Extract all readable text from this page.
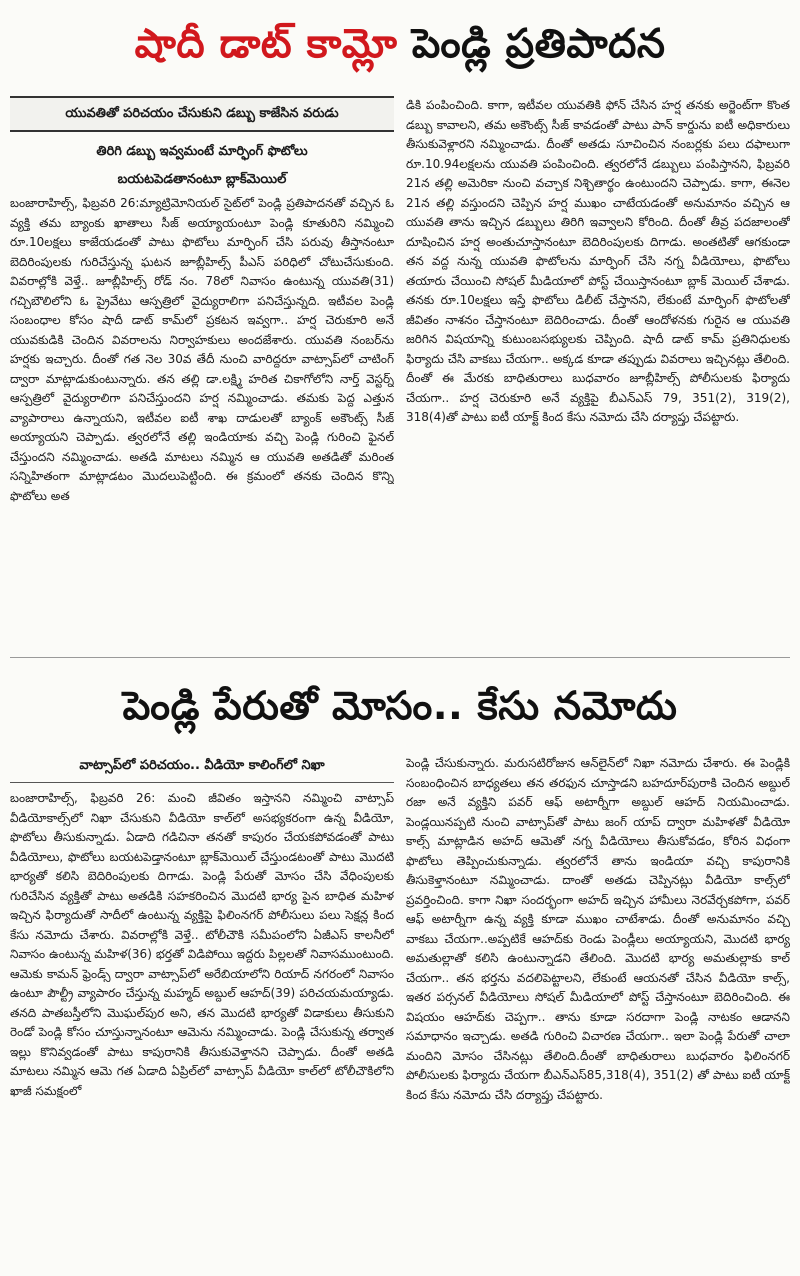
షాదీ డాట్ కామ్లో పెండ్లి ప్రతిపాదన
యువతితో పరిచయం చేసుకుని డబ్బు కాజేసిన వరుడు
తిరిగి డబ్బు ఇవ్వమంటే మార్ఫింగ్ ఫొటోలు
బయటపెడతానంటూ బ్లాక్‌మెయిల్

బంజారాహిల్స్, ఫిబ్రవరి 26:మ్యాట్రిమోనియల్ సైట్‌లో పెండ్లి ప్రతిపాదనతో వచ్చిన ఓ వ్యక్తి తమ బ్యాంకు ఖాతాలు సీజ్ అయ్యాయంటూ పెండ్లి కూతురిని నమ్మించి రూ.10లక్షలు కాజేయడంతో పాటు ఫొటోలు మార్ఫింగ్ చేసి పరువు తీస్తానంటూ బెదిరింపులకు గురిచేస్తున్న ఘటన జూబ్లీహిల్స్ పీఎస్ పరిధిలో చోటుచేసుకుంది. వివరాల్లోకి వెళ్తే.. జూబ్లీహిల్స్ రోడ్ నం. 78లో నివాసం ఉంటున్న యువతి(31) గచ్చిబౌలిలోని ఓ ప్రైవేటు ఆస్పత్రిలో వైద్యురాలిగా పనిచేస్తున్నది. ఇటీవల పెండ్లి సంబంధాల కోసం షాదీ డాట్ కామ్‌లో ప్రకటన ఇవ్వగా.. హర్ష చెరుకూరి అనే యువకుడికి చెందిన వివరాలను నిర్వాహకులు అందజేశారు. యువతి నంబర్‌ను హర్షకు ఇచ్చారు. దీంతో గత నెల 30వ తేదీ నుంచి వారిద్దరూ వాట్సాప్‌లో చాటింగ్ ద్వారా మాట్లాడుకుంటున్నారు. తన తల్లి డా.లక్ష్మి హరిత చికాగోలోని నార్త్ వెస్టర్న్ ఆస్పత్రిలో వైద్యురాలిగా పనిచేస్తుందని హర్ష నమ్మించాడు. తమకు పెద్ద ఎత్తున వ్యాపారాలు ఉన్నాయని, ఇటీవల ఐటీ శాఖ దాడులతో బ్యాంక్ అకౌంట్స్ సీజ్ అయ్యాయని చెప్పాడు. త్వరలోనే తల్లి ఇండియాకు వచ్చి పెండ్లి గురించి ఫైనల్ చేస్తుందని నమ్మించాడు. అతడి మాటలు నమ్మిన ఆ యువతి అతడితో మరింత సన్నిహితంగా మాట్లాడటం మొదలుపెట్టింది. ఈ క్రమంలో తనకు చెందిన కొన్ని ఫొటోలు అత

డికి పంపించింది. కాగా, ఇటీవల యువతికి ఫోన్ చేసిన హర్ష తనకు అర్జెంట్‌గా కొంత డబ్బు కావాలని, తమ అకౌంట్స్ సీజ్ కావడంతో పాటు పాన్ కార్డును ఐటీ అధికారులు తీసుకువెళ్లారని నమ్మించాడు. దీంతో అతడు సూచించిన నంబర్లకు పలు దఫాలుగా రూ.10.94లక్షలను యువతి పంపించింది. త్వరలోనే డబ్బులు పంపిస్తానని, ఫిబ్రవరి 21న తల్లి అమెరికా నుంచి వచ్చాక నిశ్చితార్థం ఉంటుందని చెప్పాడు. కాగా, ఈనెల 21న తల్లి వస్తుందని చెప్పిన హర్ష ముఖం చాటేయడంతో అనుమానం వచ్చిన ఆ యువతి తాను ఇచ్చిన డబ్బులు తిరిగి ఇవ్వాలని కోరింది. దీంతో తీవ్ర పదజాలంతో దూషించిన హర్ష అంతుచూస్తానంటూ బెదిరింపులకు దిగాడు. అంతటితో ఆగకుండా తన వద్ద నున్న యువతి ఫొటోలను మార్ఫింగ్ చేసి నగ్న వీడియోలు, ఫొటోలు తయారు చేయించి సోషల్ మీడియాలో పోస్ట్ చేయిస్తానంటూ బ్లాక్ మెయిల్ చేశాడు. తనకు రూ.10లక్షలు ఇస్తే ఫొటోలు డిలీట్ చేస్తానని, లేకుంటే మార్ఫింగ్ ఫొటోలతో జీవితం నాశనం చేస్తానంటూ బెదిరించాడు. దీంతో ఆందోళనకు గురైన ఆ యువతి జరిగిన విషయాన్ని కుటుంబసభ్యులకు చెప్పింది. షాదీ డాట్ కామ్ ప్రతినిధులకు ఫిర్యాదు చేసి వాకబు చేయగా.. అక్కడ కూడా తప్పుడు వివరాలు ఇచ్చినట్లు తేలింది. దీంతో ఈ మేరకు బాధితురాలు బుధవారం జూబ్లీహిల్స్ పోలీసులకు ఫిర్యాదు చేయగా.. హర్ష చెరుకూరి అనే వ్యక్తిపై బీఎన్ఎస్ 79, 351(2), 319(2), 318(4)తో పాటు ఐటీ యాక్ట్ కింద కేసు నమోదు చేసి దర్యాప్తు చేపట్టారు.

పెండ్లి పేరుతో మోసం.. కేసు నమోదు
వాట్సాప్‌లో పరిచయం.. వీడియో కాలింగ్‌లో నిఖా

బంజారాహిల్స్, ఫిబ్రవరి 26: మంచి జీవితం ఇస్తానని నమ్మించి వాట్సాప్ వీడియోకాల్స్‌లో నిఖా చేసుకుని వీడియో కాల్‌లో అసభ్యకరంగా ఉన్న వీడియో, ఫొటోలు తీసుకున్నాడు. ఏడాది గడిచినా తనతో కాపురం చేయకపోవడంతో పాటు వీడియోలు, ఫొటోలు బయటపెడ్తానంటూ బ్లాక్‌మెయిల్ చేస్తుండటంతో పాటు మొదటి భార్యతో కలిసి బెదిరింపులకు దిగాడు. పెండ్లి పేరుతో మోసం చేసి వేధింపులకు గురిచేసిన వ్యక్తితో పాటు అతడికి సహకరించిన మొదటి భార్య పైన బాధిత మహిళ ఇచ్చిన ఫిర్యాదుతో సాదీలో ఉంటున్న వ్యక్తిపై ఫిలింనగర్ పోలీసులు పలు సెక్షన్ల కింద కేసు నమోదు చేశారు. వివరాల్లోకి వెళ్తే.. టోలీచౌకి సమీపంలోని ఏజీఎస్ కాలనీలో నివాసం ఉంటున్న మహిళ(36) భర్తతో విడిపోయి ఇద్దరు పిల్లలతో నివాసముంటుంది. ఆమెకు కామన్ ఫ్రెండ్స్ ద్వారా వాట్సాప్‌లో అరేబియాలోని రియాద్ నగరంలో నివాసం ఉంటూ పౌల్ట్రీ వ్యాపారం చేస్తున్న మహ్మద్ అబ్దుల్ ఆహద్(39) పరిచయమయ్యాడు. తనది పాతబస్తీలోని మొఘల్‌పుర అని, తన మొదటి భార్యతో విడాకులు తీసుకుని రెండో పెండ్లి కోసం చూస్తున్నానంటూ ఆమెను నమ్మించాడు. పెండ్లి చేసుకున్న తర్వాత ఇల్లు కొనివ్వడంతో పాటు కాపురానికి తీసుకువెళ్తానని చెప్పాడు. దీంతో అతడి మాటలు నమ్మిన ఆమె గత ఏడాది ఏప్రిల్‌లో వాట్సాప్ వీడియో కాల్‌లో టోలీచౌకిలోని ఖాజీ సమక్షంలో

పెండ్లి చేసుకున్నారు. మరుసటిరోజున ఆన్‌లైన్‌లో నిఖా నమోదు చేశారు. ఈ పెండ్లికి సంబంధించిన బాధ్యతలు తన తరఫున చూస్తాడని బహదూర్‌పురాకి చెందిన అబ్దుల్ రజా అనే వ్యక్తిని పవర్ ఆఫ్ అటార్నీగా అబ్దుల్ ఆహద్ నియమించాడు. పెండ్లయినప్పటి నుంచి వాట్సాప్‌తో పాటు జంగ్ యాప్ ద్వారా మహిళతో వీడియో కాల్స్ మాట్లాడిన అహద్ ఆమెతో నగ్న వీడియోలు తీసుకోవడం, కోరిన విధంగా ఫొటోలు తెప్పించుకున్నాడు. త్వరలోనే తాను ఇండియా వచ్చి కాపురానికి తీసుకెళ్తానంటూ నమ్మించాడు. దాంతో అతడు చెప్పినట్లు వీడియో కాల్స్‌లో ప్రవర్తించింది. కాగా నిఖా సందర్భంగా అహద్ ఇచ్చిన హామీలు నెరవేర్చకపోగా, పవర్ ఆఫ్ అటార్నీగా ఉన్న వ్యక్తి కూడా ముఖం చాటేశాడు. దీంతో అనుమానం వచ్చి వాకబు చేయగా..అప్పటికే ఆహద్‌కు రెండు పెండ్లీలు అయ్యాయని, మొదటి భార్య అమతుల్లాతో కలిసి ఉంటున్నాడని తేలింది. మొదటి భార్య అమతుల్లాకు కాల్ చేయగా.. తన భర్తను వదలిపెట్టాలని, లేకుంటే ఆయనతో చేసిన వీడియో కాల్స్, ఇతర పర్సనల్ వీడియోలు సోషల్ మీడియాలో పోస్ట్ చేస్తానంటూ బెదిరించింది. ఈ విషయం ఆహద్‌కు చెప్పగా.. తాను కూడా సరదాగా పెండ్లి నాటకం ఆడానని సమాధానం ఇచ్చాడు. అతడి గురించి విచారణ చేయగా.. ఇలా పెండ్లి పేరుతో చాలా మందిని మోసం చేసినట్లు తేలింది.దీంతో బాధితురాలు బుధవారం ఫిలింనగర్ పోలీసులకు ఫిర్యాదు చేయగా బీఎన్ఎస్85,318(4), 351(2) తో పాటు ఐటీ యాక్ట్ కింద కేసు నమోదు చేసి దర్యాప్తు చేపట్టారు.
